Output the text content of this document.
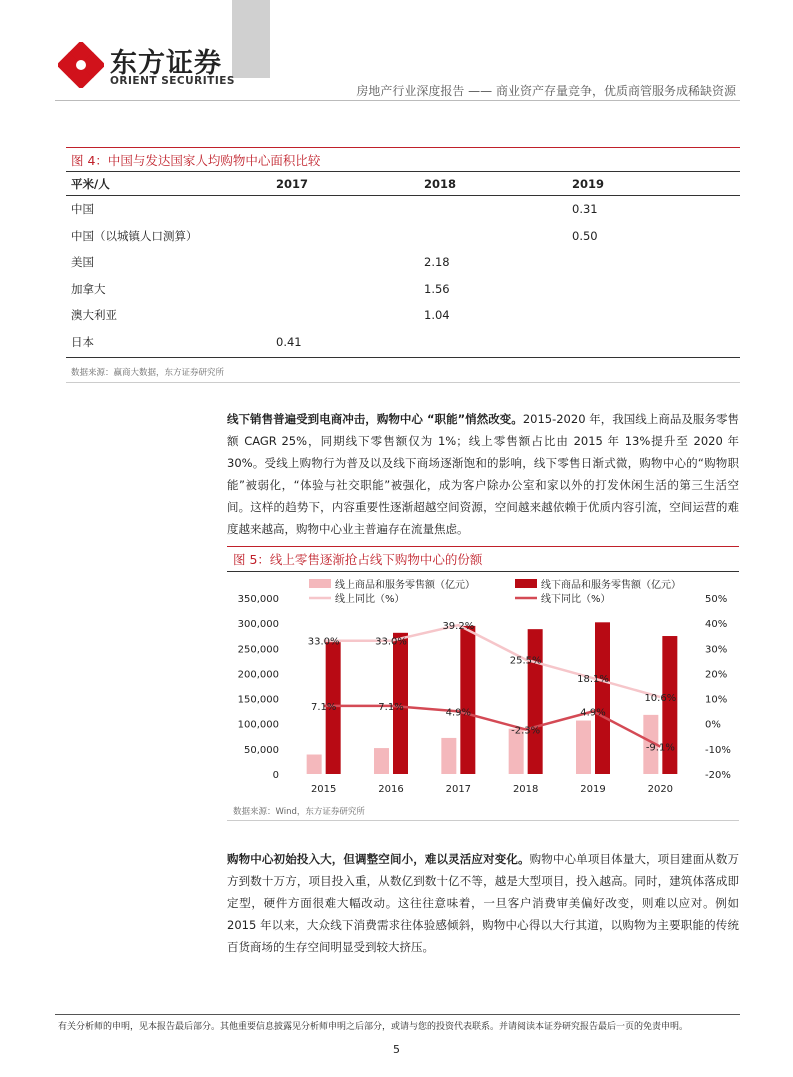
东方证券
ORIENT SECURITIES
房地产行业深度报告 —— 商业资产存量竞争，优质商管服务成稀缺资源
图 4：中国与发达国家人均购物中心面积比较
平米/人	2017	2018	2019
中国			0.31
中国（以城镇人口测算）			0.50
美国		2.18	
加拿大		1.56	
澳大利亚		1.04	
日本	0.41		
数据来源：赢商大数据，东方证券研究所
线下销售普遍受到电商冲击，购物中心 “职能”悄然改变。2015-2020 年，我国线上商品及服务零售额 CAGR 25%，同期线下零售额仅为 1%；线上零售额占比由 2015 年 13%提升至 2020 年 30%。受线上购物行为普及以及线下商场逐渐饱和的影响，线下零售日渐式微，购物中心的“购物职能”被弱化，“体验与社交职能”被强化，成为客户除办公室和家以外的打发休闲生活的第三生活空间。这样的趋势下，内容重要性逐渐超越空间资源，空间越来越依赖于优质内容引流，空间运营的难度越来越高，购物中心业主普遍存在流量焦虑。
图 5：线上零售逐渐抢占线下购物中心的份额
线上商品和服务零售额（亿元）	线下商品和服务零售额（亿元）
线上同比（%）	线下同比（%）
0
50,000
100,000
150,000
200,000
250,000
300,000
350,000
-20%
-10%
0%
10%
20%
30%
40%
50%
33.0%	33.0%
39.2%
25.5%
18.1%
10.6%
7.1%	7.1%
4.9%
-2.3%
4.9%
-9.1%
2015	2016	2017	2018	2019	2020
数据来源：Wind，东方证券研究所
购物中心初始投入大，但调整空间小，难以灵活应对变化。购物中心单项目体量大，项目建面从数万方到数十万方，项目投入重，从数亿到数十亿不等，越是大型项目，投入越高。同时，建筑体落成即定型，硬件方面很难大幅改动。这往往意味着，一旦客户消费审美偏好改变，则难以应对。例如 2015 年以来，大众线下消费需求往体验感倾斜，购物中心得以大行其道，以购物为主要职能的传统百货商场的生存空间明显受到较大挤压。
有关分析师的申明，见本报告最后部分。其他重要信息披露见分析师申明之后部分，或请与您的投资代表联系。并请阅读本证券研究报告最后一页的免责申明。
5
